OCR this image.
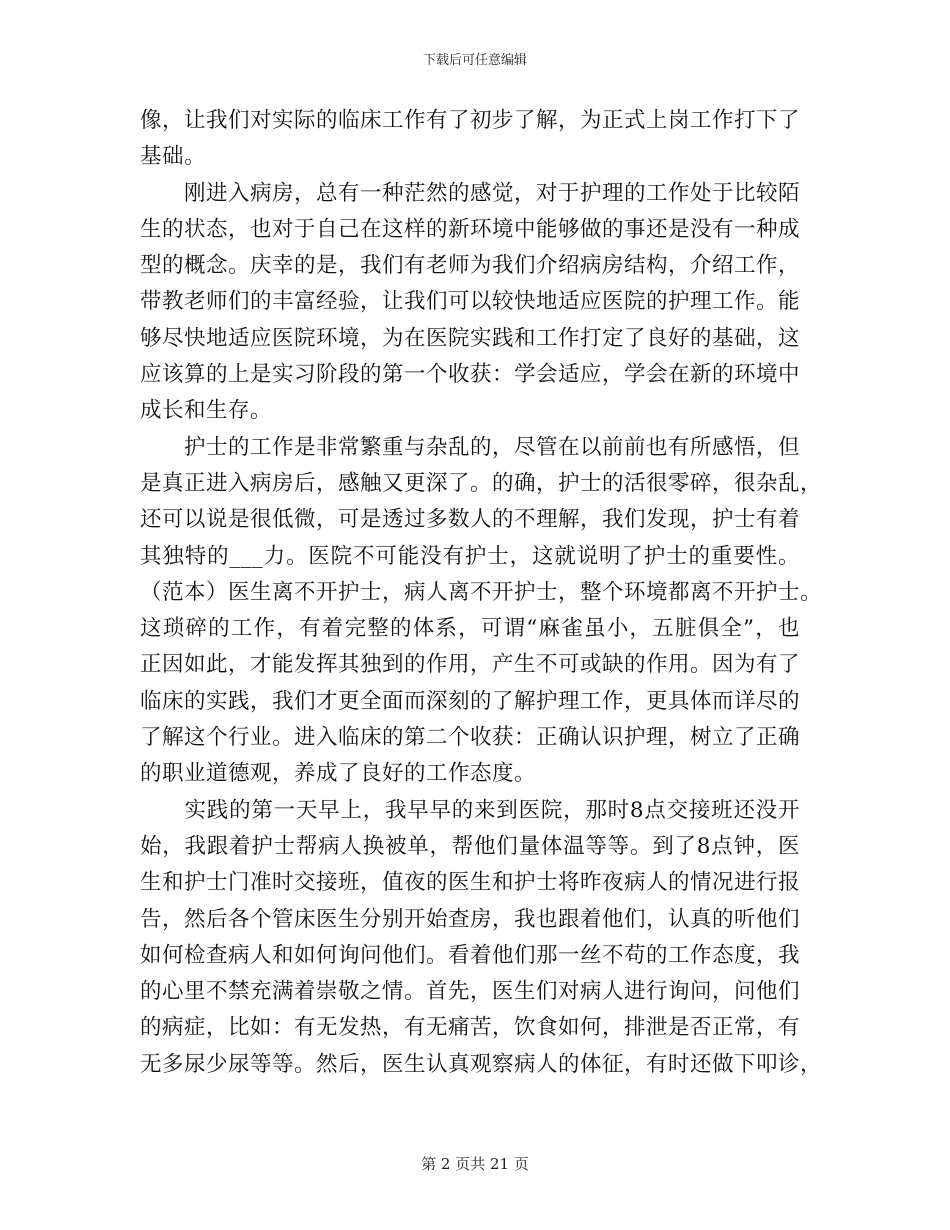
下载后可任意编辑
像，让我们对实际的临床工作有了初步了解，为正式上岗工作打下了
基础。
　　刚进入病房，总有一种茫然的感觉，对于护理的工作处于比较陌
生的状态，也对于自己在这样的新环境中能够做的事还是没有一种成
型的概念。庆幸的是，我们有老师为我们介绍病房结构，介绍工作，
带教老师们的丰富经验，让我们可以较快地适应医院的护理工作。能
够尽快地适应医院环境，为在医院实践和工作打定了良好的基础，这
应该算的上是实习阶段的第一个收获：学会适应，学会在新的环境中
成长和生存。
　　护士的工作是非常繁重与杂乱的，尽管在以前前也有所感悟，但
是真正进入病房后，感触又更深了。的确，护士的活很零碎，很杂乱，
还可以说是很低微，可是透过多数人的不理解，我们发现，护士有着
其独特的___力。医院不可能没有护士，这就说明了护士的重要性。
（范本）医生离不开护士，病人离不开护士，整个环境都离不开护士。
这琐碎的工作，有着完整的体系，可谓“麻雀虽小，五脏俱全”，也
正因如此，才能发挥其独到的作用，产生不可或缺的作用。因为有了
临床的实践，我们才更全面而深刻的了解护理工作，更具体而详尽的
了解这个行业。进入临床的第二个收获：正确认识护理，树立了正确
的职业道德观，养成了良好的工作态度。
　　实践的第一天早上，我早早的来到医院，那时8点交接班还没开
始，我跟着护士帮病人换被单，帮他们量体温等等。到了8点钟，医
生和护士门准时交接班，值夜的医生和护士将昨夜病人的情况进行报
告，然后各个管床医生分别开始查房，我也跟着他们，认真的听他们
如何检查病人和如何询问他们。看着他们那一丝不苟的工作态度，我
的心里不禁充满着崇敬之情。首先，医生们对病人进行询问，问他们
的病症，比如：有无发热，有无痛苦，饮食如何，排泄是否正常，有
无多尿少尿等等。然后，医生认真观察病人的体征，有时还做下叩诊，
第 2 页共 21 页
